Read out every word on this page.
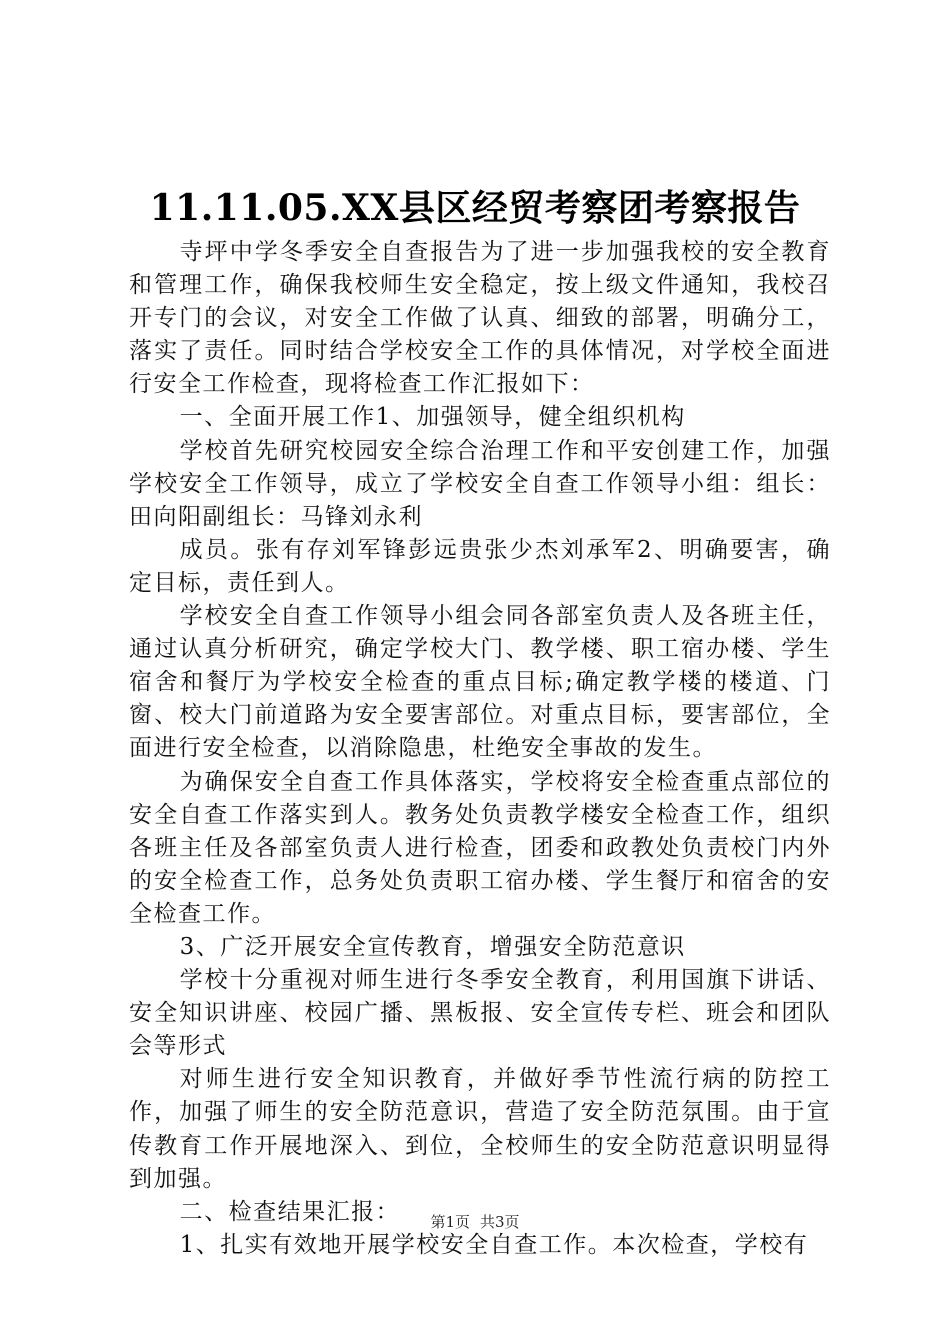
11.11.05.XX县区经贸考察团考察报告

寺坪中学冬季安全自查报告为了进一步加强我校的安全教育和管理工作，确保我校师生安全稳定，按上级文件通知，我校召开专门的会议，对安全工作做了认真、细致的部署，明确分工，落实了责任。同时结合学校安全工作的具体情况，对学校全面进行安全工作检查，现将检查工作汇报如下：

一、全面开展工作1、加强领导，健全组织机构

学校首先研究校园安全综合治理工作和平安创建工作，加强学校安全工作领导，成立了学校安全自查工作领导小组：组长：田向阳副组长：马锋刘永利

成员。张有存刘军锋彭远贵张少杰刘承军2、明确要害，确定目标，责任到人。

学校安全自查工作领导小组会同各部室负责人及各班主任，通过认真分析研究，确定学校大门、教学楼、职工宿办楼、学生宿舍和餐厅为学校安全检查的重点目标;确定教学楼的楼道、门窗、校大门前道路为安全要害部位。对重点目标，要害部位，全面进行安全检查，以消除隐患，杜绝安全事故的发生。

为确保安全自查工作具体落实，学校将安全检查重点部位的安全自查工作落实到人。教务处负责教学楼安全检查工作，组织各班主任及各部室负责人进行检查，团委和政教处负责校门内外的安全检查工作，总务处负责职工宿办楼、学生餐厅和宿舍的安全检查工作。

3、广泛开展安全宣传教育，增强安全防范意识

学校十分重视对师生进行冬季安全教育，利用国旗下讲话、安全知识讲座、校园广播、黑板报、安全宣传专栏、班会和团队会等形式

对师生进行安全知识教育，并做好季节性流行病的防控工作，加强了师生的安全防范意识，营造了安全防范氛围。由于宣传教育工作开展地深入、到位，全校师生的安全防范意识明显得到加强。

二、检查结果汇报：

1、扎实有效地开展学校安全自查工作。本次检查，学校有

第1页 共3页
